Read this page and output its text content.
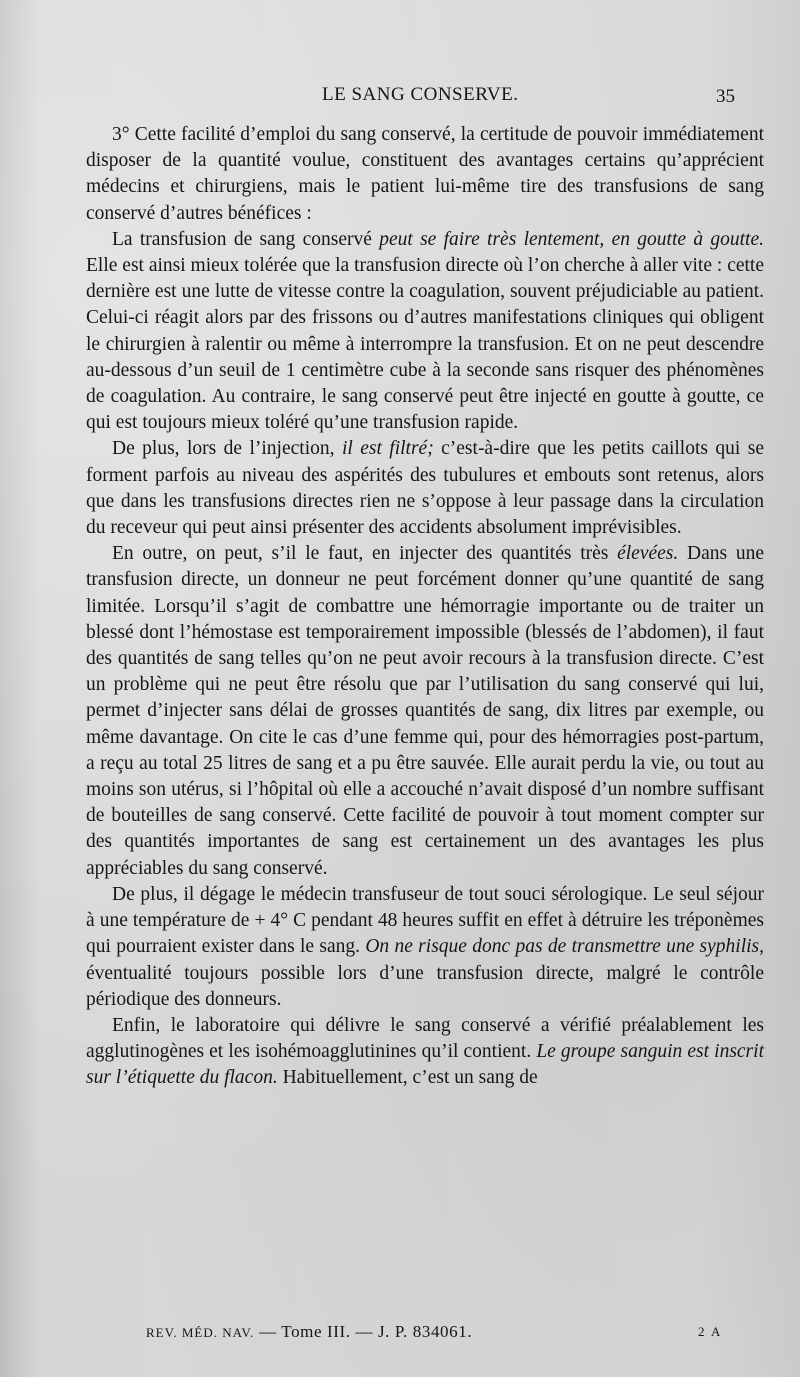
LE SANG CONSERVE.	35

3° Cette facilité d’emploi du sang conservé, la certitude de pouvoir immédiatement disposer de la quantité voulue, constituent des avantages certains qu’apprécient médecins et chirurgiens, mais le patient lui-même tire des transfusions de sang conservé d’autres bénéfices :

La transfusion de sang conservé peut se faire très lentement, en goutte à goutte. Elle est ainsi mieux tolérée que la transfusion directe où l’on cherche à aller vite : cette dernière est une lutte de vitesse contre la coagulation, souvent préjudiciable au patient. Celui-ci réagit alors par des frissons ou d’autres manifestations cliniques qui obligent le chirurgien à ralentir ou même à interrompre la transfusion. Et on ne peut descendre au-dessous d’un seuil de 1 centimètre cube à la seconde sans risquer des phénomènes de coagulation. Au contraire, le sang conservé peut être injecté en goutte à goutte, ce qui est toujours mieux toléré qu’une transfusion rapide.

De plus, lors de l’injection, il est filtré; c’est-à-dire que les petits caillots qui se forment parfois au niveau des aspérités des tubulures et embouts sont retenus, alors que dans les transfusions directes rien ne s’oppose à leur passage dans la circulation du receveur qui peut ainsi présenter des accidents absolument imprévisibles.

En outre, on peut, s’il le faut, en injecter des quantités très élevées. Dans une transfusion directe, un donneur ne peut forcément donner qu’une quantité de sang limitée. Lorsqu’il s’agit de combattre une hémorragie importante ou de traiter un blessé dont l’hémostase est temporairement impossible (blessés de l’abdomen), il faut des quantités de sang telles qu’on ne peut avoir recours à la transfusion directe. C’est un problème qui ne peut être résolu que par l’utilisation du sang conservé qui lui, permet d’injecter sans délai de grosses quantités de sang, dix litres par exemple, ou même davantage. On cite le cas d’une femme qui, pour des hémorragies post-partum, a reçu au total 25 litres de sang et a pu être sauvée. Elle aurait perdu la vie, ou tout au moins son utérus, si l’hôpital où elle a accouché n’avait disposé d’un nombre suffisant de bouteilles de sang conservé. Cette facilité de pouvoir à tout moment compter sur des quantités importantes de sang est certainement un des avantages les plus appréciables du sang conservé.

De plus, il dégage le médecin transfuseur de tout souci sérologique. Le seul séjour à une température de + 4° C pendant 48 heures suffit en effet à détruire les tréponèmes qui pourraient exister dans le sang. On ne risque donc pas de transmettre une syphilis, éventualité toujours possible lors d’une transfusion directe, malgré le contrôle périodique des donneurs.

Enfin, le laboratoire qui délivre le sang conservé a vérifié préalablement les agglutinogènes et les isohémoagglutinines qu’il contient. Le groupe sanguin est inscrit sur l’étiquette du flacon. Habituellement, c’est un sang de

REV. MÉD. NAV. — Tome III. — J. P. 834061.	2 A
